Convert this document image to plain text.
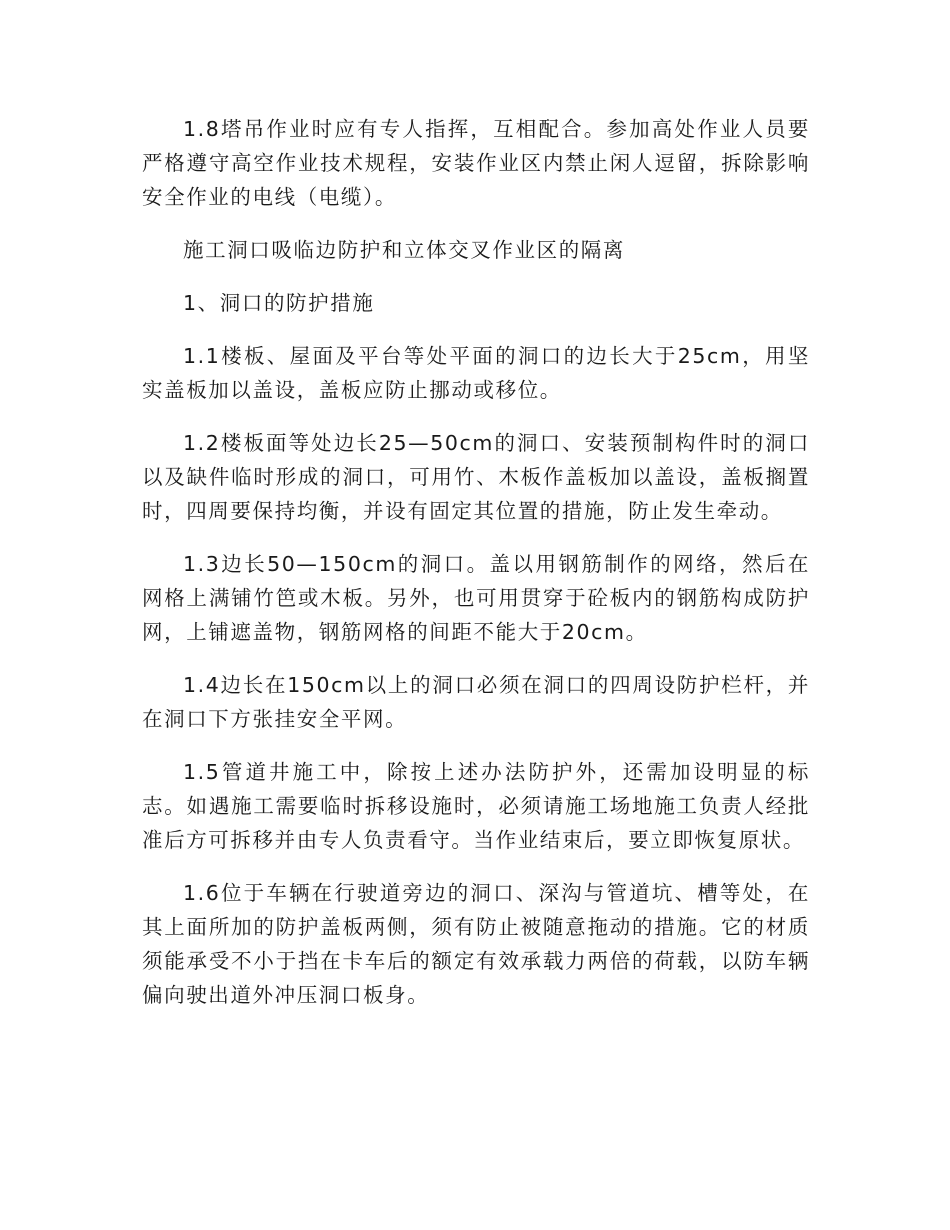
1.8塔吊作业时应有专人指挥，互相配合。参加高处作业人员要严格遵守高空作业技术规程，安装作业区内禁止闲人逗留，拆除影响安全作业的电线（电缆）。

施工洞口吸临边防护和立体交叉作业区的隔离

1、洞口的防护措施

1.1楼板、屋面及平台等处平面的洞口的边长大于25cm，用坚实盖板加以盖设，盖板应防止挪动或移位。

1.2楼板面等处边长25—50cm的洞口、安装预制构件时的洞口以及缺件临时形成的洞口，可用竹、木板作盖板加以盖设，盖板搁置时，四周要保持均衡，并设有固定其位置的措施，防止发生牵动。

1.3边长50—150cm的洞口。盖以用钢筋制作的网络，然后在网格上满铺竹笆或木板。另外，也可用贯穿于砼板内的钢筋构成防护网，上铺遮盖物，钢筋网格的间距不能大于20cm。

1.4边长在150cm以上的洞口必须在洞口的四周设防护栏杆，并在洞口下方张挂安全平网。

1.5管道井施工中，除按上述办法防护外，还需加设明显的标志。如遇施工需要临时拆移设施时，必须请施工场地施工负责人经批准后方可拆移并由专人负责看守。当作业结束后，要立即恢复原状。

1.6位于车辆在行驶道旁边的洞口、深沟与管道坑、槽等处，在其上面所加的防护盖板两侧，须有防止被随意拖动的措施。它的材质须能承受不小于挡在卡车后的额定有效承载力两倍的荷载，以防车辆偏向驶出道外冲压洞口板身。
